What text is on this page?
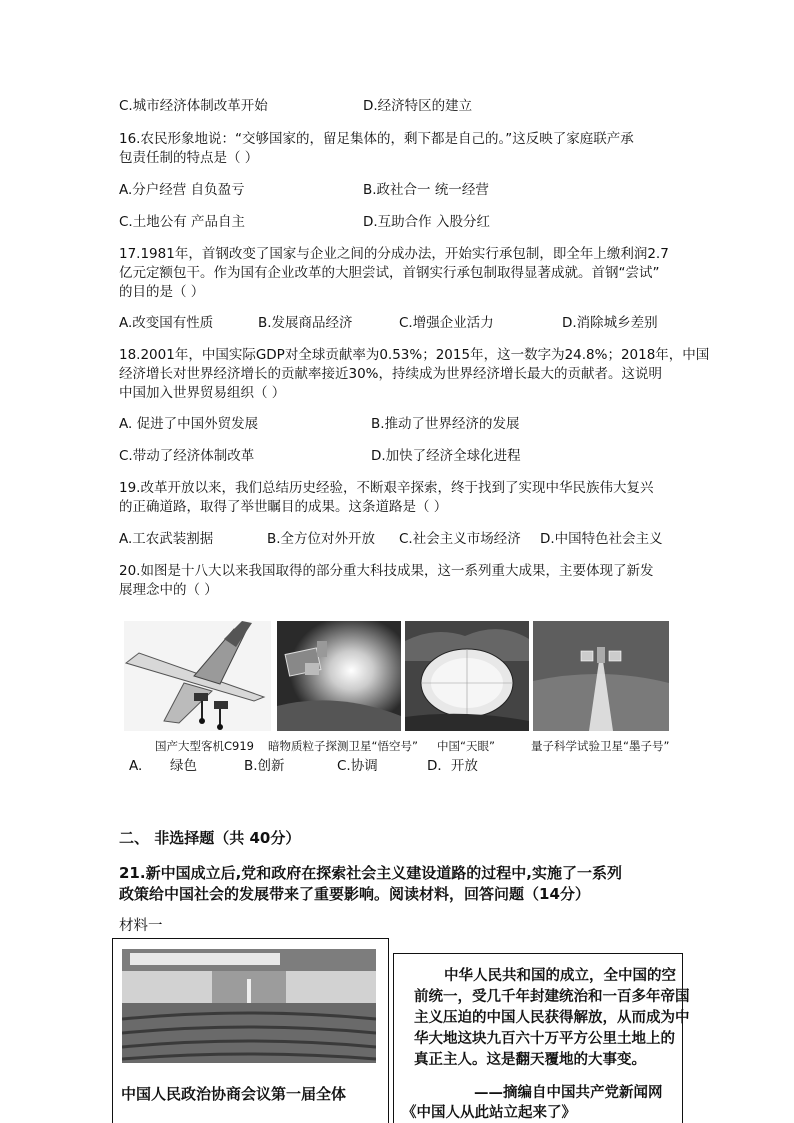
C.城市经济体制改革开始	D.经济特区的建立
16.农民形象地说：“交够国家的，留足集体的，剩下都是自己的。”这反映了家庭联产承
包责任制的特点是（ ）
A.分户经营 自负盈亏	B.政社合一 统一经营
C.土地公有 产品自主	D.互助合作 入股分红
17.1981年，首钢改变了国家与企业之间的分成办法，开始实行承包制，即全年上缴利润2.7
亿元定额包干。作为国有企业改革的大胆尝试，首钢实行承包制取得显著成就。首钢“尝试”
的目的是（ ）
A.改变国有性质	B.发展商品经济	C.增强企业活力	D.消除城乡差别
18.2001年，中国实际GDP对全球贡献率为0.53%；2015年，这一数字为24.8%；2018年，中国
经济增长对世界经济增长的贡献率接近30%，持续成为世界经济增长最大的贡献者。这说明
中国加入世界贸易组织（ ）
A. 促进了中国外贸发展	B.推动了世界经济的发展
C.带动了经济体制改革	D.加快了经济全球化进程
19.改革开放以来，我们总结历史经验，不断艰辛探索，终于找到了实现中华民族伟大复兴
的正确道路，取得了举世瞩目的成果。这条道路是（ ）
A.工农武装割据	B.全方位对外开放 C.社会主义市场经济 D.中国特色社会主义
20.如图是十八大以来我国取得的部分重大科技成果，这一系列重大成果，主要体现了新发
展理念中的（ ）
国产大型客机C919 暗物质粒子探测卫星“悟空号” 中国“天眼”	量子科学试验卫星“墨子号”
A. 绿色	B.创新	C.协调	D．开放
二、 非选择题（共 40分）
21.新中国成立后,党和政府在探索社会主义建设道路的过程中,实施了一系列
政策给中国社会的发展带来了重要影响。阅读材料，回答问题（14分）
材料一
中国人民政治协商会议第一届全体
中华人民共和国的成立，全中国的空
前统一，受几千年封建统治和一百多年帝国
主义压迫的中国人民获得解放，从而成为中
华大地这块九百六十万平方公里土地上的
真正主人。这是翻天覆地的大事变。
——摘编自中国共产党新闻网
《中国人从此站立起来了》
